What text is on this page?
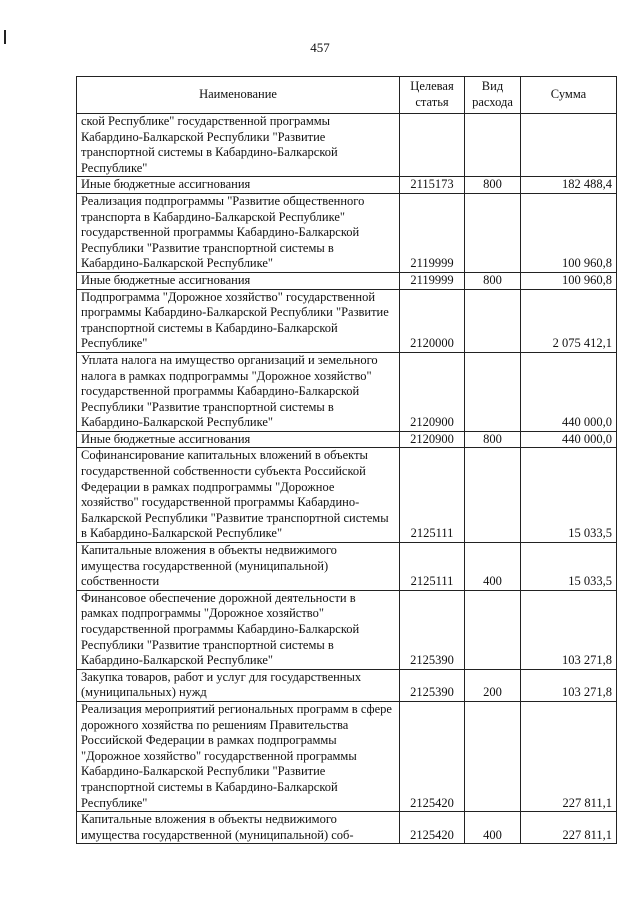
457
Наименование	Целевая статья	Вид расхода	Сумма
ской Республике" государственной программы Кабардино-Балкарской Республики "Развитие транспортной системы в Кабардино-Балкарской Республике"			
Иные бюджетные ассигнования	2115173	800	182 488,4
Реализация подпрограммы "Развитие общественного транспорта в Кабардино-Балкарской Республике" государственной программы Кабардино-Балкарской Республики "Развитие транспортной системы в Кабардино-Балкарской Республике"	2119999		100 960,8
Иные бюджетные ассигнования	2119999	800	100 960,8
Подпрограмма "Дорожное хозяйство" государственной программы Кабардино-Балкарской Республики "Развитие транспортной системы в Кабардино-Балкарской Республике"	2120000		2 075 412,1
Уплата налога на имущество организаций и земельного налога в рамках подпрограммы "Дорожное хозяйство" государственной программы Кабардино-Балкарской Республики "Развитие транспортной системы в Кабардино-Балкарской Республике"	2120900		440 000,0
Иные бюджетные ассигнования	2120900	800	440 000,0
Софинансирование капитальных вложений в объекты государственной собственности субъекта Российской Федерации в рамках подпрограммы "Дорожное хозяйство" государственной программы Кабардино-Балкарской Республики "Развитие транспортной системы в Кабардино-Балкарской Республике"	2125111		15 033,5
Капитальные вложения в объекты недвижимого имущества государственной (муниципальной) собственности	2125111	400	15 033,5
Финансовое обеспечение дорожной деятельности в рамках подпрограммы "Дорожное хозяйство" государственной программы Кабардино-Балкарской Республики "Развитие транспортной системы в Кабардино-Балкарской Республике"	2125390		103 271,8
Закупка товаров, работ и услуг для государственных (муниципальных) нужд	2125390	200	103 271,8
Реализация мероприятий региональных программ в сфере дорожного хозяйства по решениям Правительства Российской Федерации в рамках подпрограммы "Дорожное хозяйство" государственной программы Кабардино-Балкарской Республики "Развитие транспортной системы в Кабардино-Балкарской Республике"	2125420		227 811,1
Капитальные вложения в объекты недвижимого имущества государственной (муниципальной) соб-	2125420	400	227 811,1
